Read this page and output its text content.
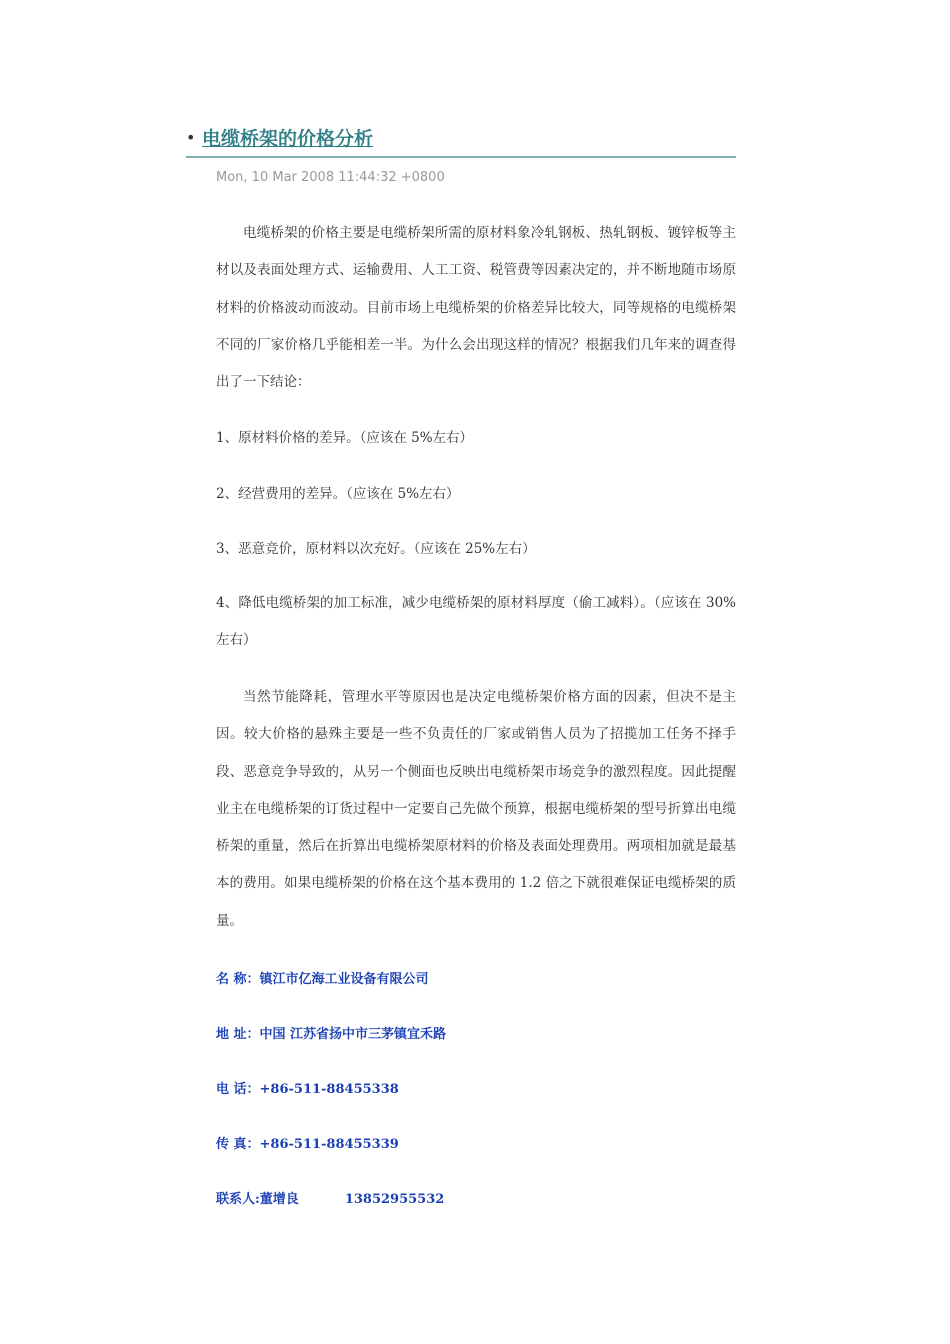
• 电缆桥架的价格分析
Mon, 10 Mar 2008 11:44:32 +0800
电缆桥架的价格主要是电缆桥架所需的原材料象冷轧钢板、热轧钢板、镀锌板等主材以及表面处理方式、运输费用、人工工资、税管费等因素决定的，并不断地随市场原材料的价格波动而波动。目前市场上电缆桥架的价格差异比较大，同等规格的电缆桥架不同的厂家价格几乎能相差一半。为什么会出现这样的情况？根据我们几年来的调查得出了一下结论：
1、原材料价格的差异。（应该在 5%左右）
2、经营费用的差异。（应该在 5%左右）
3、恶意竞价，原材料以次充好。（应该在 25%左右）
4、降低电缆桥架的加工标准，减少电缆桥架的原材料厚度（偷工减料）。（应该在 30%左右）
当然节能降耗，管理水平等原因也是决定电缆桥架价格方面的因素，但决不是主因。较大价格的悬殊主要是一些不负责任的厂家或销售人员为了招揽加工任务不择手段、恶意竞争导致的，从另一个侧面也反映出电缆桥架市场竞争的激烈程度。因此提醒业主在电缆桥架的订货过程中一定要自己先做个预算，根据电缆桥架的型号折算出电缆桥架的重量，然后在折算出电缆桥架原材料的价格及表面处理费用。两项相加就是最基本的费用。如果电缆桥架的价格在这个基本费用的 1.2 倍之下就很难保证电缆桥架的质量。
名 称：镇江市亿海工业设备有限公司
地 址：中国 江苏省扬中市三茅镇宜禾路
电 话：+86-511-88455338
传 真：+86-511-88455339
联系人:董增良	13852955532
